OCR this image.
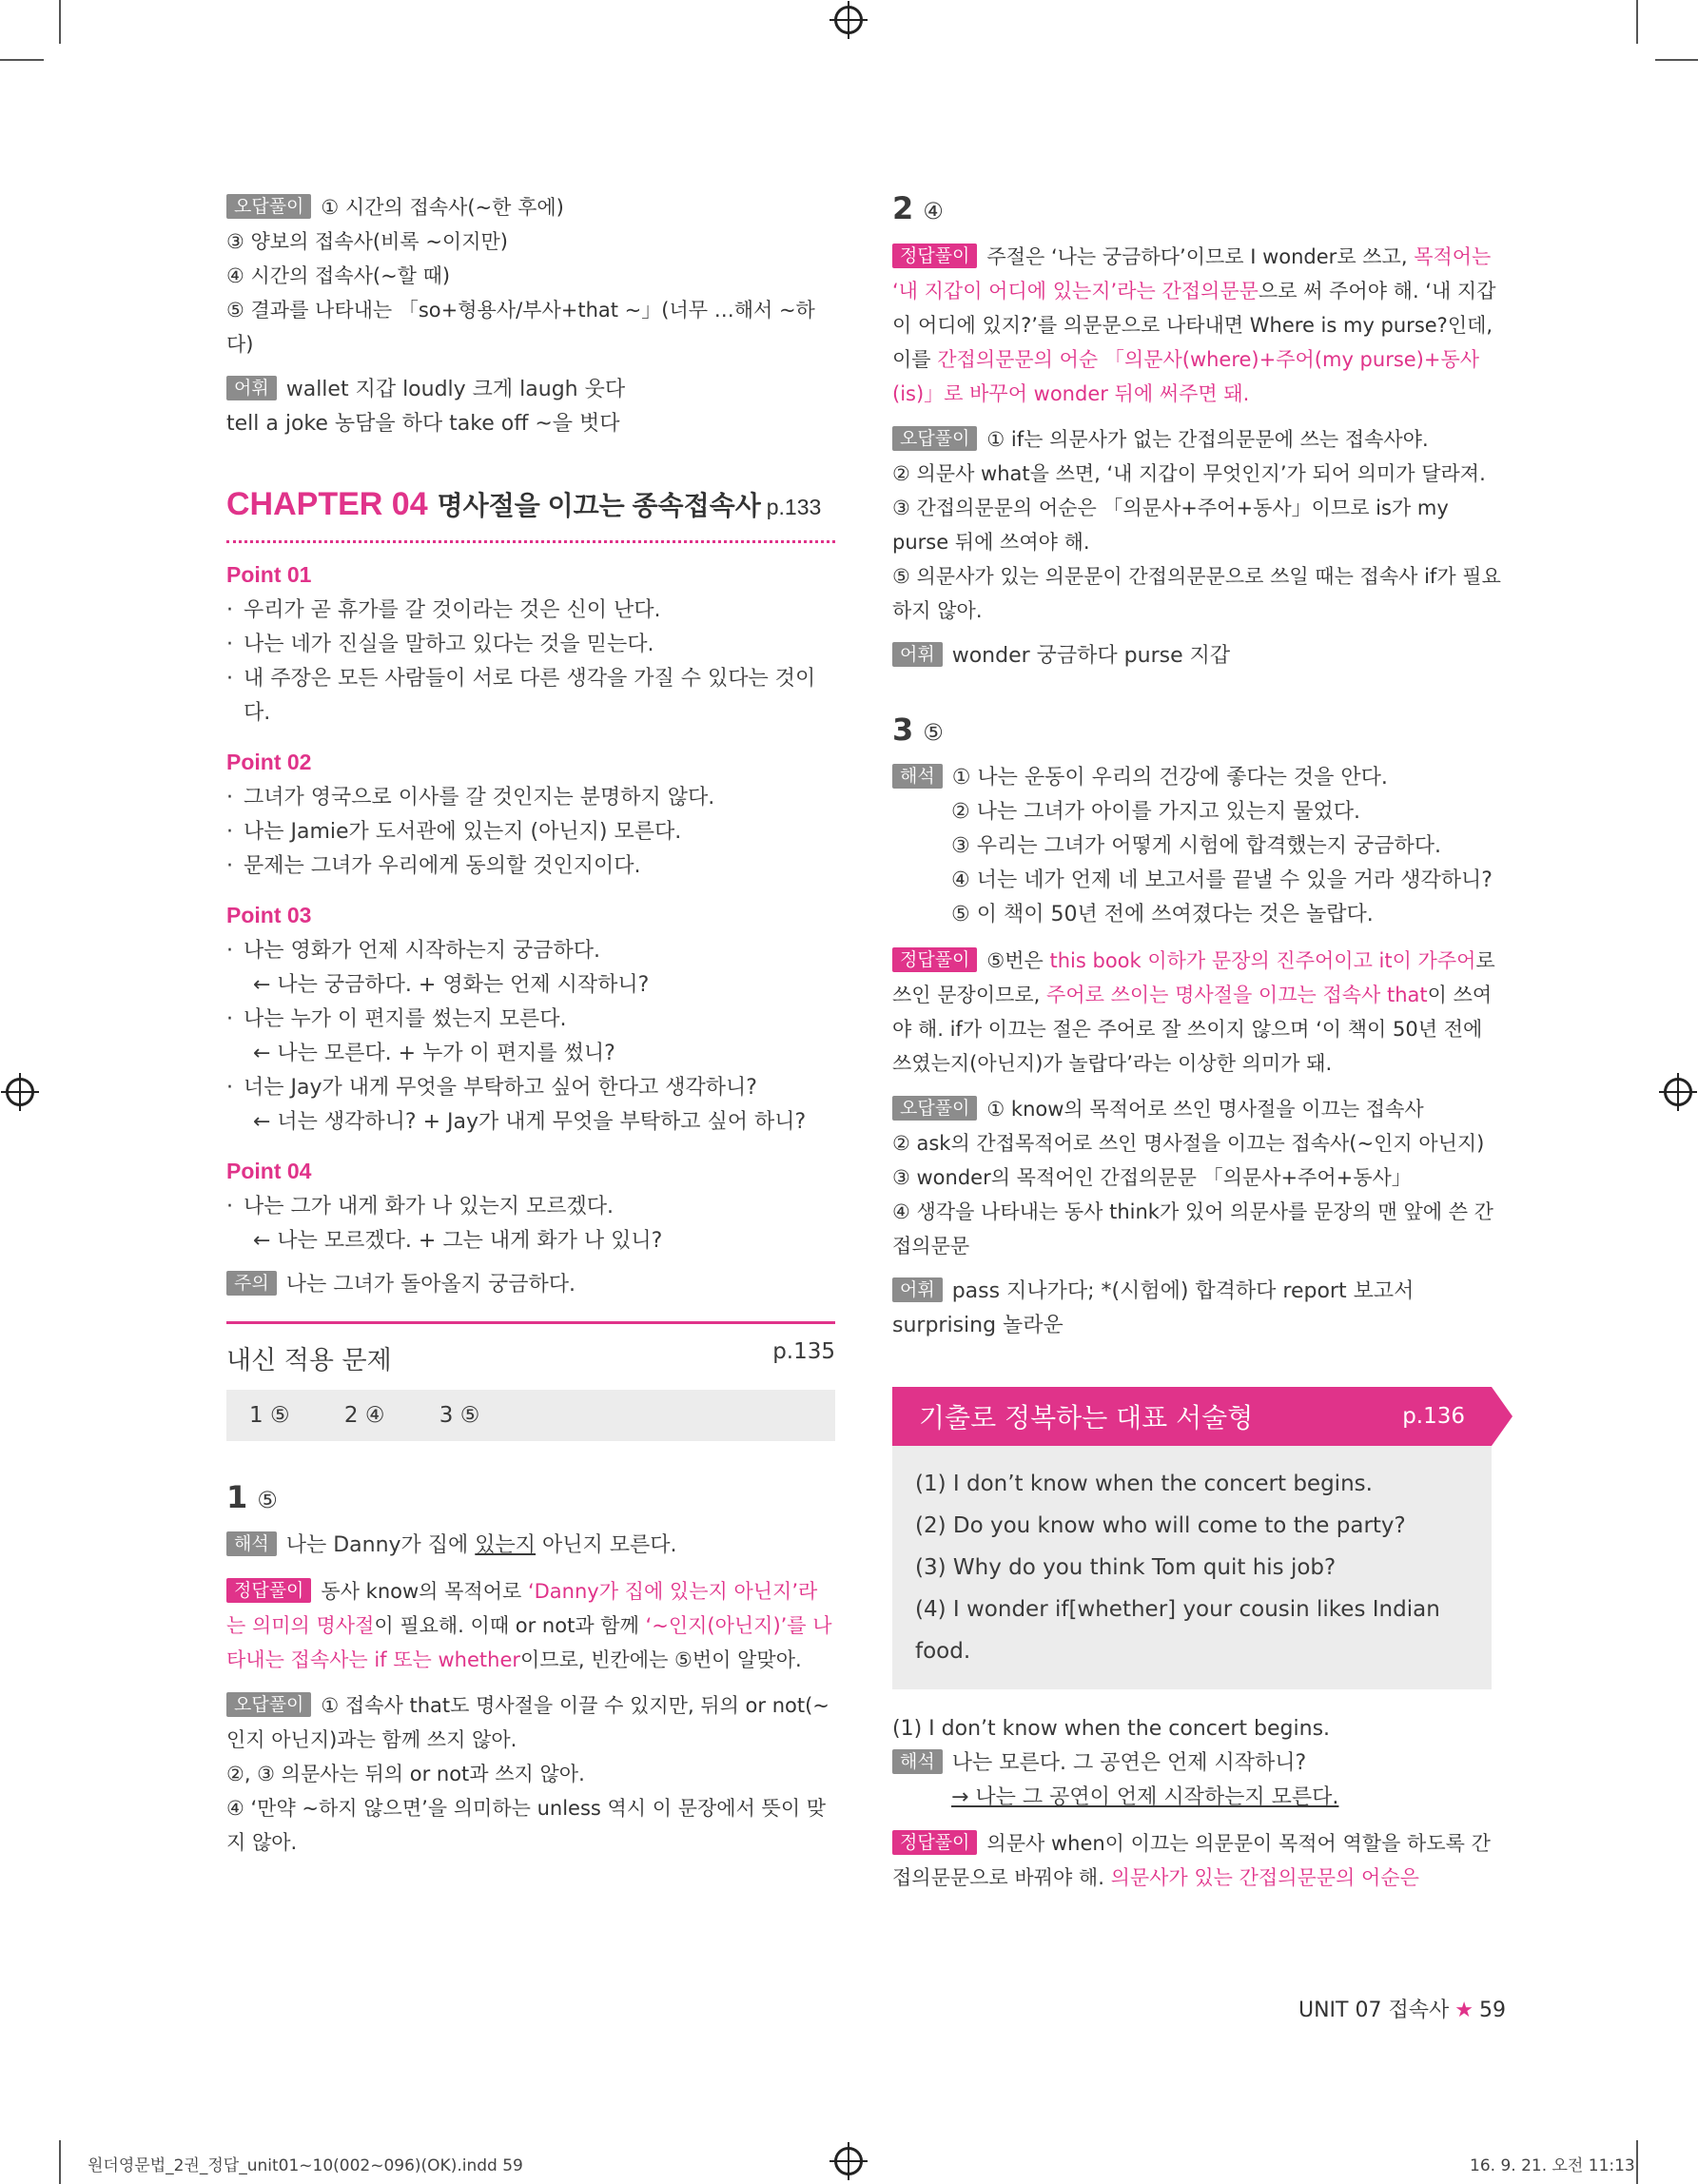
오답풀이 ① 시간의 접속사(~한 후에)

③ 양보의 접속사(비록 ~이지만)

④ 시간의 접속사(~할 때)

⑤ 결과를 나타내는 「so+형용사/부사+that ~」(너무 …해서 ~하다)

어휘 wallet 지갑 loudly 크게 laugh 웃다

tell a joke 농담을 하다 take off ~을 벗다

CHAPTER 04 명사절을 이끄는 종속접속사 p.133
Point 01

· 우리가 곧 휴가를 갈 것이라는 것은 신이 난다.

· 나는 네가 진실을 말하고 있다는 것을 믿는다.

· 내 주장은 모든 사람들이 서로 다른 생각을 가질 수 있다는 것이다.

Point 02

· 그녀가 영국으로 이사를 갈 것인지는 분명하지 않다.

· 나는 Jamie가 도서관에 있는지 (아닌지) 모른다.

· 문제는 그녀가 우리에게 동의할 것인지이다.

Point 03

· 나는 영화가 언제 시작하는지 궁금하다.

← 나는 궁금하다. + 영화는 언제 시작하니?

· 나는 누가 이 편지를 썼는지 모른다.

← 나는 모른다. + 누가 이 편지를 썼니?

· 너는 Jay가 내게 무엇을 부탁하고 싶어 한다고 생각하니?

← 너는 생각하니? + Jay가 내게 무엇을 부탁하고 싶어 하니?

Point 04

· 나는 그가 내게 화가 나 있는지 모르겠다.

← 나는 모르겠다. + 그는 내게 화가 나 있니?

주의 나는 그녀가 돌아올지 궁금하다.

내신 적용 문제	p.135
1 ⑤ 2 ④ 3 ⑤
1 ⑤

해석 나는 Danny가 집에 있는지 아닌지 모른다.

정답풀이 동사 know의 목적어로 ‘Danny가 집에 있는지 아닌지’라는 의미의 명사절이 필요해. 이때 or not과 함께 ‘~인지(아닌지)’를 나타내는 접속사는 if 또는 whether이므로, 빈칸에는 ⑤번이 알맞아.

오답풀이 ① 접속사 that도 명사절을 이끌 수 있지만, 뒤의 or not(~인지 아닌지)과는 함께 쓰지 않아.

②, ③ 의문사는 뒤의 or not과 쓰지 않아.

④ ‘만약 ~하지 않으면’을 의미하는 unless 역시 이 문장에서 뜻이 맞지 않아.

2 ④

정답풀이 주절은 ‘나는 궁금하다’이므로 I wonder로 쓰고, 목적어는 ‘내 지갑이 어디에 있는지’라는 간접의문문으로 써 주어야 해. ‘내 지갑이 어디에 있지?’를 의문문으로 나타내면 Where is my purse?인데, 이를 간접의문문의 어순 「의문사(where)+주어(my purse)+동사(is)」로 바꾸어 wonder 뒤에 써주면 돼.

오답풀이 ① if는 의문사가 없는 간접의문문에 쓰는 접속사야.

② 의문사 what을 쓰면, ‘내 지갑이 무엇인지’가 되어 의미가 달라져.

③ 간접의문문의 어순은 「의문사+주어+동사」이므로 is가 my purse 뒤에 쓰여야 해.

⑤ 의문사가 있는 의문문이 간접의문문으로 쓰일 때는 접속사 if가 필요하지 않아.

어휘 wonder 궁금하다 purse 지갑

3 ⑤

해석 ① 나는 운동이 우리의 건강에 좋다는 것을 안다.

② 나는 그녀가 아이를 가지고 있는지 물었다.

③ 우리는 그녀가 어떻게 시험에 합격했는지 궁금하다.

④ 너는 네가 언제 네 보고서를 끝낼 수 있을 거라 생각하니?

⑤ 이 책이 50년 전에 쓰여졌다는 것은 놀랍다.

정답풀이 ⑤번은 this book 이하가 문장의 진주어이고 it이 가주어로 쓰인 문장이므로, 주어로 쓰이는 명사절을 이끄는 접속사 that이 쓰여야 해. if가 이끄는 절은 주어로 잘 쓰이지 않으며 ‘이 책이 50년 전에 쓰였는지(아닌지)가 놀랍다’라는 이상한 의미가 돼.

오답풀이 ① know의 목적어로 쓰인 명사절을 이끄는 접속사

② ask의 간접목적어로 쓰인 명사절을 이끄는 접속사(~인지 아닌지)

③ wonder의 목적어인 간접의문문 「의문사+주어+동사」

④ 생각을 나타내는 동사 think가 있어 의문사를 문장의 맨 앞에 쓴 간접의문문

어휘 pass 지나가다; *(시험에) 합격하다 report 보고서

surprising 놀라운

기출로 정복하는 대표 서술형	p.136
(1) I don’t know when the concert begins.
(2) Do you know who will come to the party?
(3) Why do you think Tom quit his job?
(4) I wonder if[whether] your cousin likes Indian food.

(1) I don’t know when the concert begins.

해석 나는 모른다. 그 공연은 언제 시작하니?

→ 나는 그 공연이 언제 시작하는지 모른다.

정답풀이 의문사 when이 이끄는 의문문이 목적어 역할을 하도록 간접의문문으로 바꿔야 해. 의문사가 있는 간접의문문의 어순은

UNIT 07 접속사 ★ 59
원더영문법_2권_정답_unit01~10(002~096)(OK).indd 59	16. 9. 21. 오전 11:13
